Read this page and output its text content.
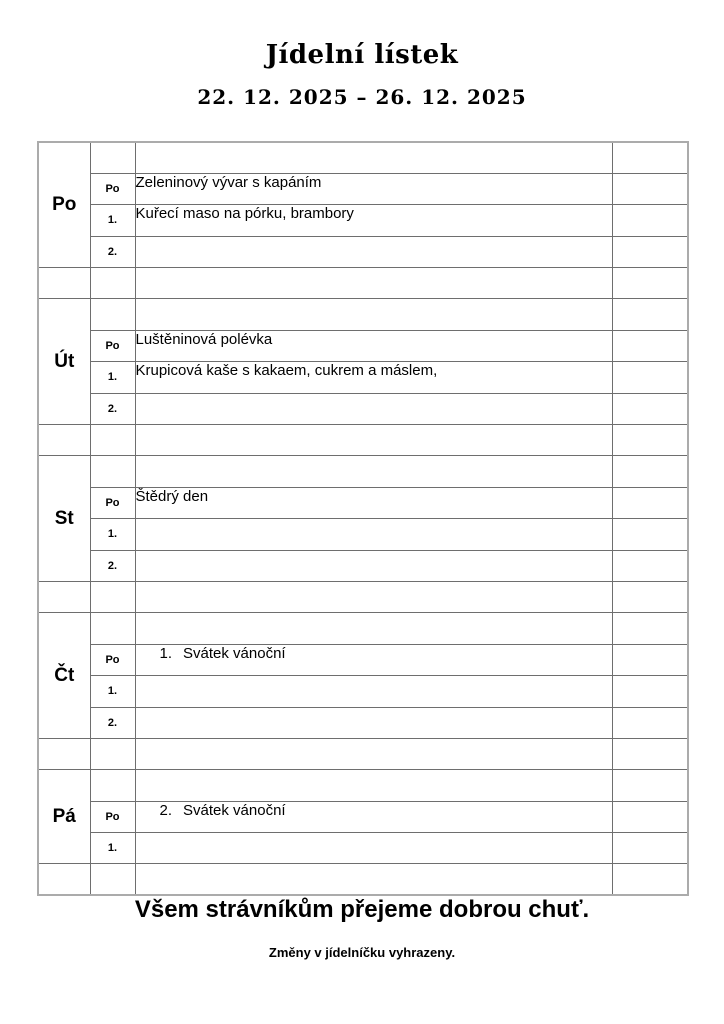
Jídelní lístek
22. 12. 2025 – 26. 12. 2025
Po			
	Po	Zeleninový vývar s kapáním	
	1.	Kuřecí maso na pórku, brambory	
	2.		

Út			
	Po	Luštěninová polévka	
	1.	Krupicová kaše s kakaem, cukrem a máslem,	
	2.		

St			
	Po	Štědrý den	
	1.		
	2.		

Čt			
	Po	1. Svátek vánoční	
	1.		
	2.		

Pá			
	Po	2. Svátek vánoční	
	1.		

Všem strávníkům přejeme dobrou chuť.
Změny v jídelníčku vyhrazeny.
